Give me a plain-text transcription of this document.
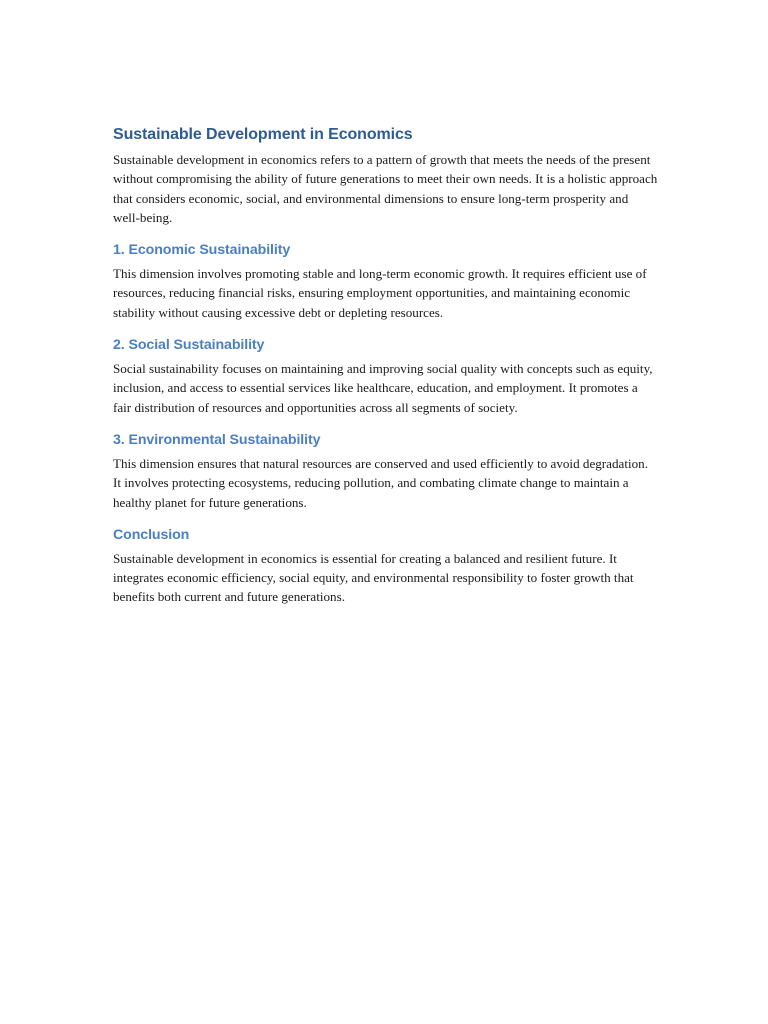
Sustainable Development in Economics

Sustainable development in economics refers to a pattern of growth that meets the needs of the present without compromising the ability of future generations to meet their own needs. It is a holistic approach that considers economic, social, and environmental dimensions to ensure long-term prosperity and well-being.

1. Economic Sustainability

This dimension involves promoting stable and long-term economic growth. It requires efficient use of resources, reducing financial risks, ensuring employment opportunities, and maintaining economic stability without causing excessive debt or depleting resources.

2. Social Sustainability

Social sustainability focuses on maintaining and improving social quality with concepts such as equity, inclusion, and access to essential services like healthcare, education, and employment. It promotes a fair distribution of resources and opportunities across all segments of society.

3. Environmental Sustainability

This dimension ensures that natural resources are conserved and used efficiently to avoid degradation. It involves protecting ecosystems, reducing pollution, and combating climate change to maintain a healthy planet for future generations.

Conclusion

Sustainable development in economics is essential for creating a balanced and resilient future. It integrates economic efficiency, social equity, and environmental responsibility to foster growth that benefits both current and future generations.
